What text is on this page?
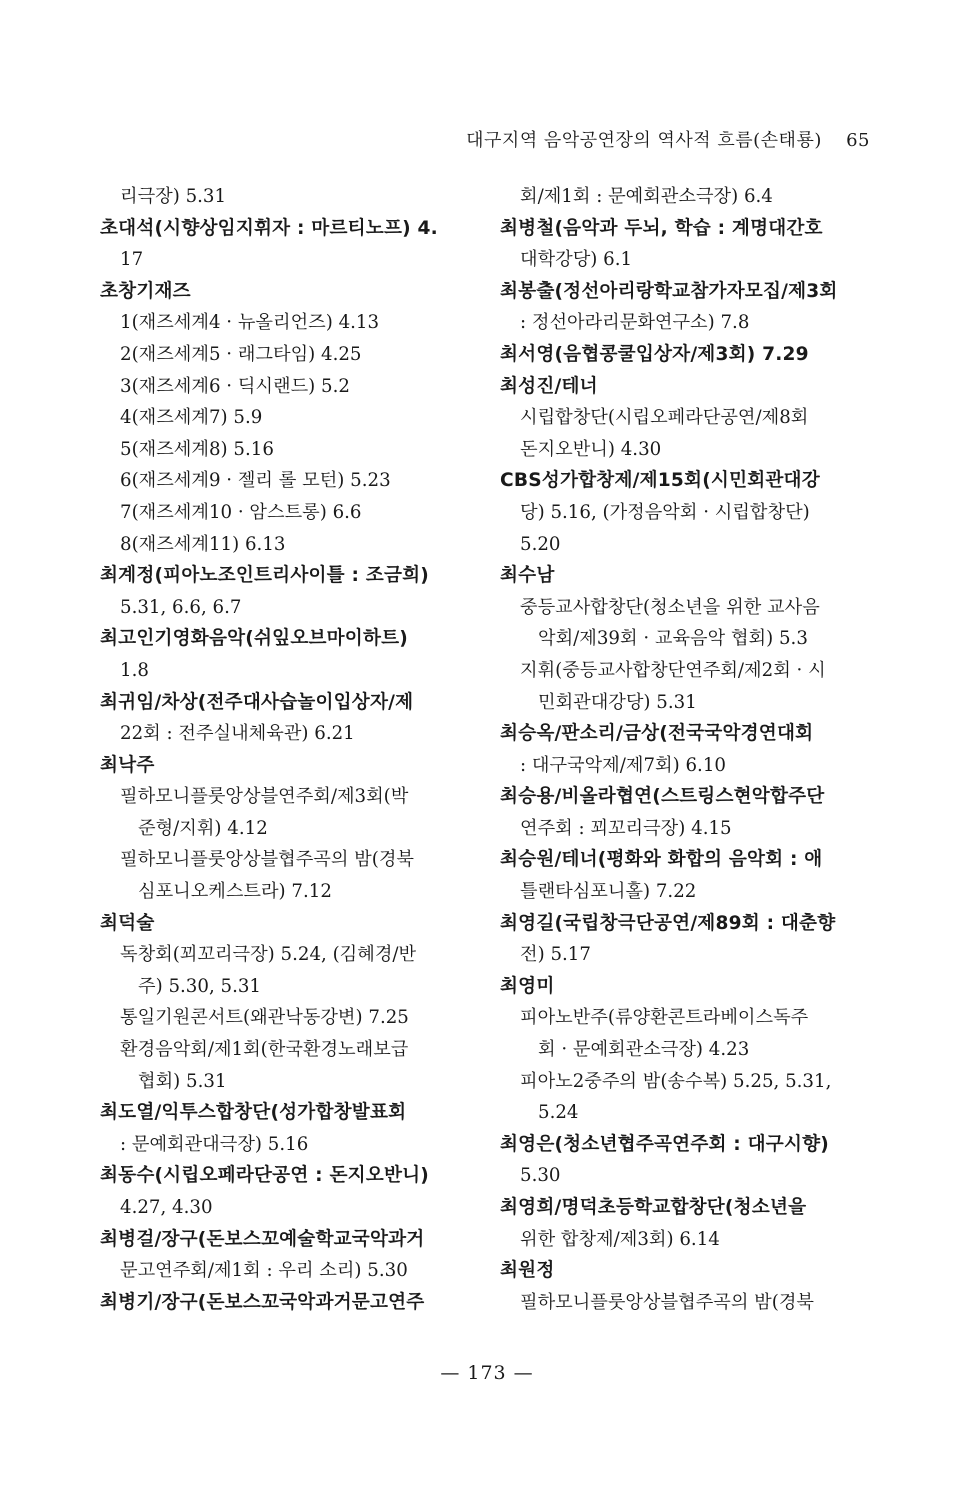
대구지역 음악공연장의 역사적 흐름(손태룡) 65
리극장) 5.31
초대석(시향상임지휘자 : 마르티노프) 4.
17
초창기재즈
1(재즈세계4 · 뉴올리언즈) 4.13
2(재즈세계5 · 래그타임) 4.25
3(재즈세계6 · 딕시랜드) 5.2
4(재즈세계7) 5.9
5(재즈세계8) 5.16
6(재즈세계9 · 젤리 롤 모턴) 5.23
7(재즈세계10 · 암스트롱) 6.6
8(재즈세계11) 6.13
최계정(피아노조인트리사이틀 : 조금희)
5.31, 6.6, 6.7
최고인기영화음악(쉬잎오브마이하트)
1.8
최귀임/차상(전주대사습놀이입상자/제
22회 : 전주실내체육관) 6.21
최낙주
필하모니플룻앙상블연주회/제3회(박
준형/지휘) 4.12
필하모니플룻앙상블협주곡의 밤(경북
심포니오케스트라) 7.12
최덕술
독창회(꾀꼬리극장) 5.24, (김혜경/반
주) 5.30, 5.31
통일기원콘서트(왜관낙동강변) 7.25
환경음악회/제1회(한국환경노래보급
협회) 5.31
최도열/익투스합창단(성가합창발표회
: 문예회관대극장) 5.16
최동수(시립오페라단공연 : 돈지오반니)
4.27, 4.30
최병걸/장구(돈보스꼬예술학교국악과거
문고연주회/제1회 : 우리 소리) 5.30
최병기/장구(돈보스꼬국악과거문고연주
회/제1회 : 문예회관소극장) 6.4
최병철(음악과 두뇌, 학습 : 계명대간호
대학강당) 6.1
최봉출(정선아리랑학교참가자모집/제3회
: 정선아라리문화연구소) 7.8
최서영(음협콩쿨입상자/제3회) 7.29
최성진/테너
시립합창단(시립오페라단공연/제8회
돈지오반니) 4.30
CBS성가합창제/제15회(시민회관대강
당) 5.16, (가정음악회 · 시립합창단)
5.20
최수남
중등교사합창단(청소년을 위한 교사음
악회/제39회 · 교육음악 협회) 5.3
지휘(중등교사합창단연주회/제2회 · 시
민회관대강당) 5.31
최승옥/판소리/금상(전국국악경연대회
: 대구국악제/제7회) 6.10
최승용/비올라협연(스트링스현악합주단
연주회 : 꾀꼬리극장) 4.15
최승원/테너(평화와 화합의 음악회 : 애
틀랜타심포니홀) 7.22
최영길(국립창극단공연/제89회 : 대춘향
전) 5.17
최영미
피아노반주(류양환콘트라베이스독주
회 · 문예회관소극장) 4.23
피아노2중주의 밤(송수복) 5.25, 5.31,
5.24
최영은(청소년협주곡연주회 : 대구시향)
5.30
최영희/명덕초등학교합창단(청소년을
위한 합창제/제3회) 6.14
최원정
필하모니플룻앙상블협주곡의 밤(경북
— 173 —
